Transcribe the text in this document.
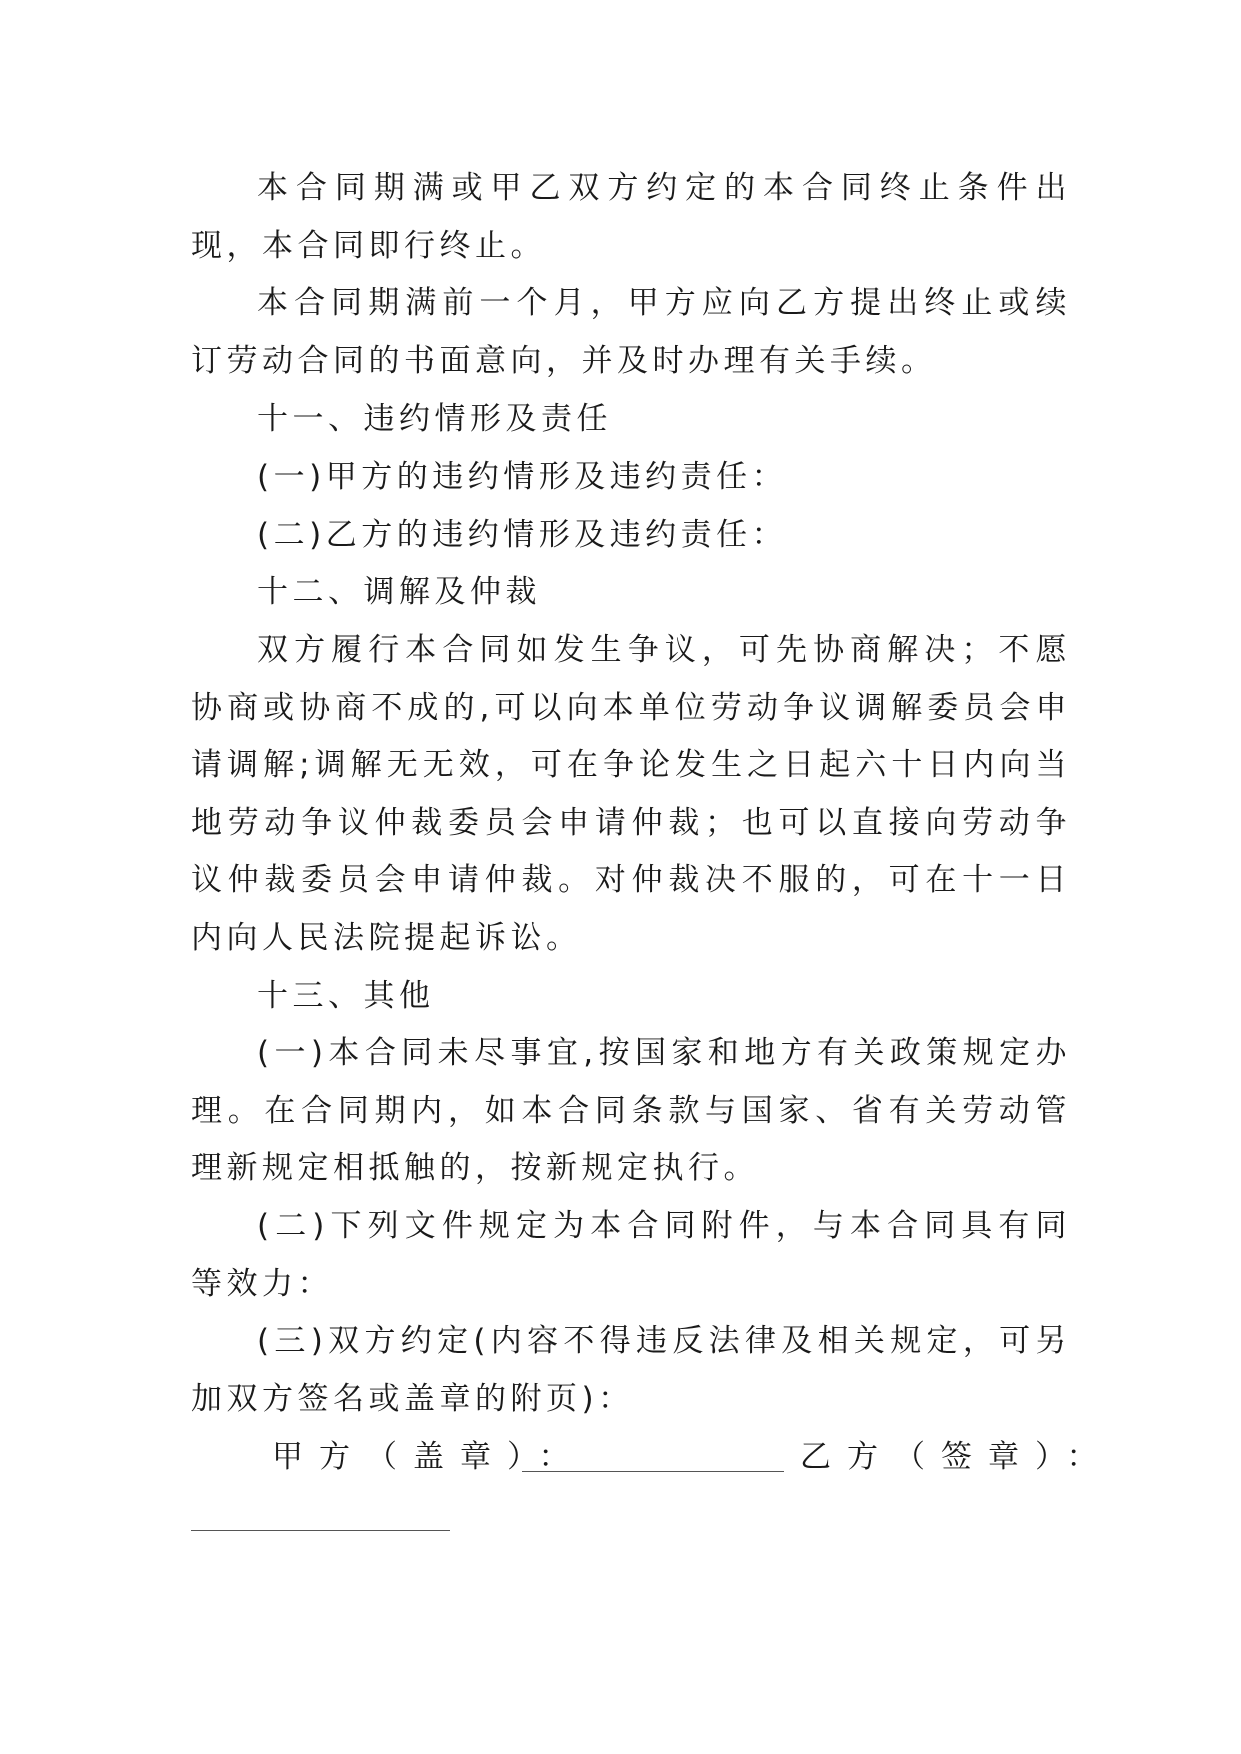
本合同期满或甲乙双方约定的本合同终止条件出现，本合同即行终止。

本合同期满前一个月，甲方应向乙方提出终止或续订劳动合同的书面意向，并及时办理有关手续。

十一、违约情形及责任

(一)甲方的违约情形及违约责任：

(二)乙方的违约情形及违约责任：

十二、调解及仲裁

双方履行本合同如发生争议，可先协商解决；不愿协商或协商不成的,可以向本单位劳动争议调解委员会申请调解;调解无无效，可在争论发生之日起六十日内向当地劳动争议仲裁委员会申请仲裁；也可以直接向劳动争议仲裁委员会申请仲裁。对仲裁决不服的，可在十一日内向人民法院提起诉讼。

十三、其他

(一)本合同未尽事宜,按国家和地方有关政策规定办理。在合同期内，如本合同条款与国家、省有关劳动管理新规定相抵触的，按新规定执行。

(二)下列文件规定为本合同附件，与本合同具有同等效力：

(三)双方约定(内容不得违反法律及相关规定，可另加双方签名或盖章的附页)：

甲方（盖章）：	乙方（签章）：
